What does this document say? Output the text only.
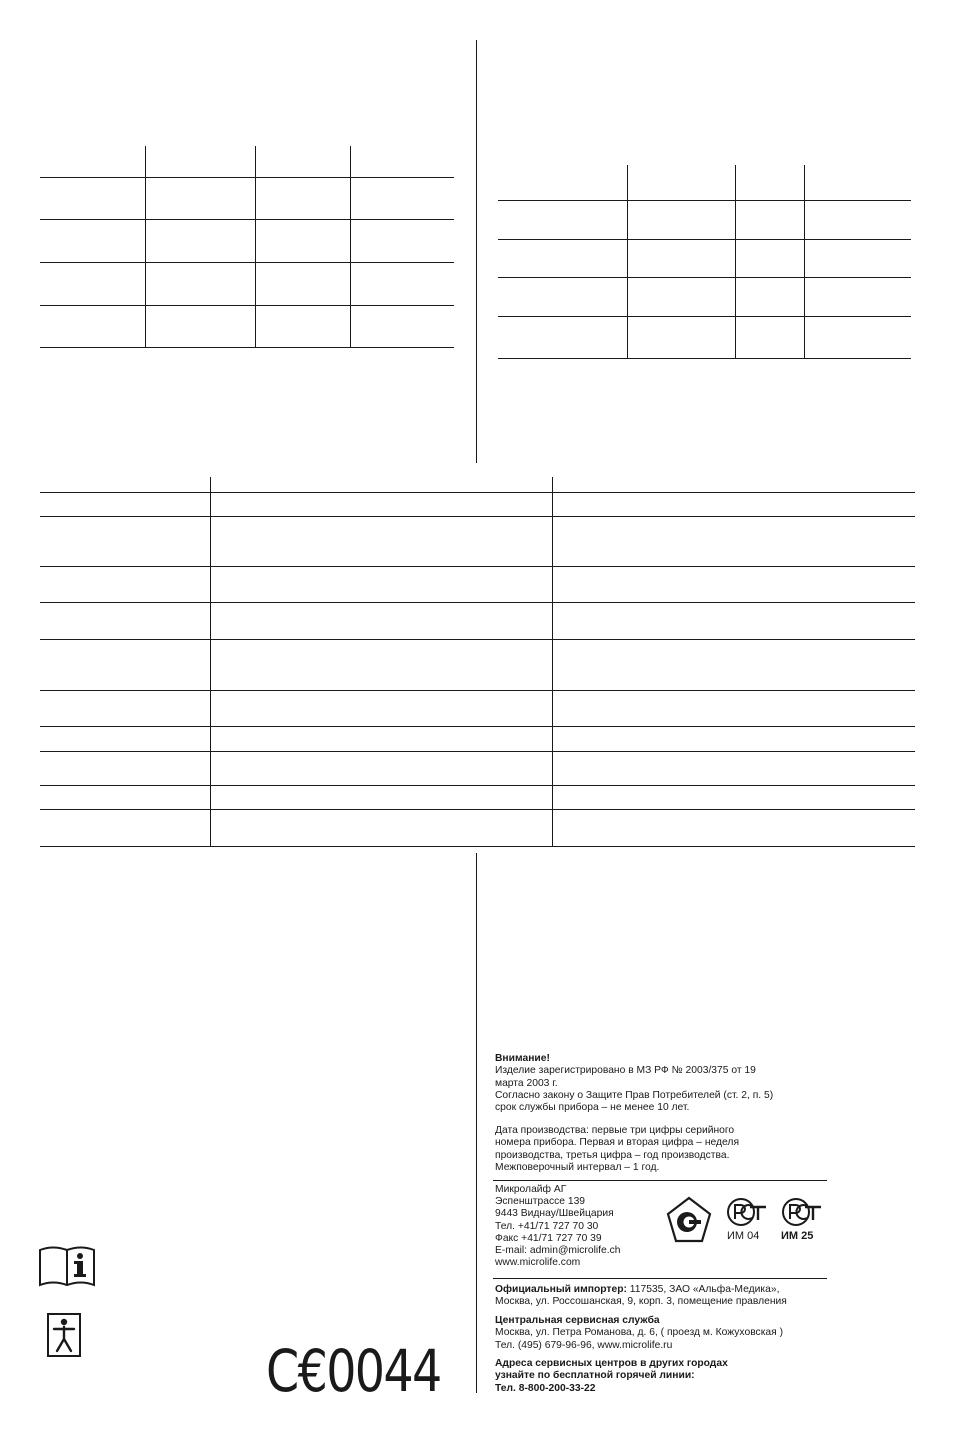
Внимание!

Изделие зарегистрировано в МЗ РФ № 2003/375 от 19

марта 2003 г.

Согласно закону о Защите Прав Потребителей (ст. 2, п. 5)

срок службы прибора – не менее 10 лет.

Дата производства: первые три цифры серийного

номера прибора. Первая и вторая цифра – неделя

производства, третья цифра – год производства.

Межповерочный интервал – 1 год.

Микролайф АГ

Эспенштрассе 139

9443 Виднау/Швейцария

Тел. +41/71 727 70 30

Факс +41/71 727 70 39

E-mail: admin@microlife.ch

www.microlife.com

ИМ 04 ИМ 25

Официальный импортер: 117535, ЗАО «Альфа-Медика»,

Москва, ул. Россошанская, 9, корп. 3, помещение правления

Центральная сервисная служба

Москва, ул. Петра Романова, д. 6, ( проезд м. Кожуховская )

Тел. (495) 679-96-96, www.microlife.ru

Адреса сервисных центров в других городах

узнайте по бесплатной горячей линии:

Тел. 8-800-200-33-22

C€0044
